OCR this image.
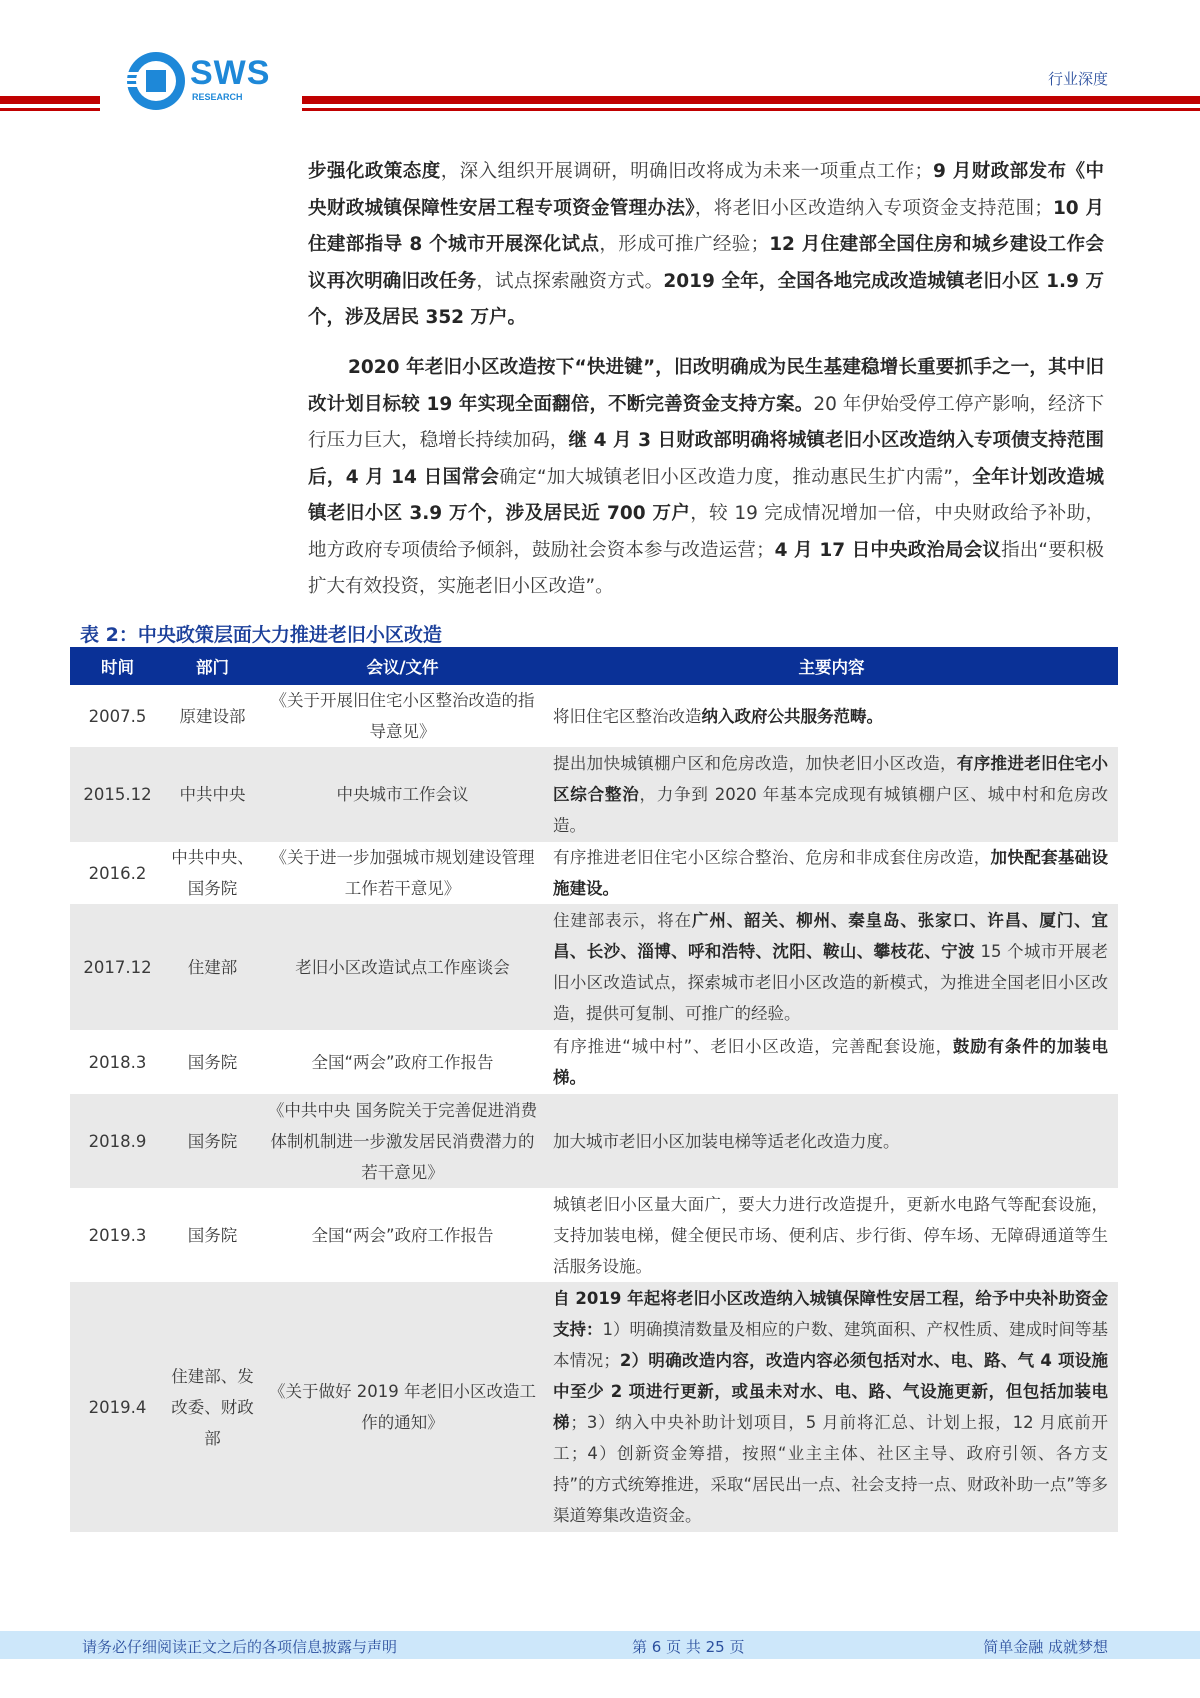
SWS
RESEARCH
行业深度
步强化政策态度，深入组织开展调研，明确旧改将成为未来一项重点工作；9 月财政部发布《中央财政城镇保障性安居工程专项资金管理办法》，将老旧小区改造纳入专项资金支持范围；10 月住建部指导 8 个城市开展深化试点，形成可推广经验；12 月住建部全国住房和城乡建设工作会议再次明确旧改任务，试点探索融资方式。2019 全年，全国各地完成改造城镇老旧小区 1.9 万个，涉及居民 352 万户。
2020 年老旧小区改造按下“快进键”，旧改明确成为民生基建稳增长重要抓手之一，其中旧改计划目标较 19 年实现全面翻倍，不断完善资金支持方案。20 年伊始受停工停产影响，经济下行压力巨大，稳增长持续加码，继 4 月 3 日财政部明确将城镇老旧小区改造纳入专项债支持范围后，4 月 14 日国常会确定“加大城镇老旧小区改造力度，推动惠民生扩内需”，全年计划改造城镇老旧小区 3.9 万个，涉及居民近 700 万户，较 19 完成情况增加一倍，中央财政给予补助，地方政府专项债给予倾斜，鼓励社会资本参与改造运营；4 月 17 日中央政治局会议指出“要积极扩大有效投资，实施老旧小区改造”。
表 2：中央政策层面大力推进老旧小区改造
时间	部门	会议/文件	主要内容
2007.5	原建设部	《关于开展旧住宅小区整治改造的指导意见》	将旧住宅区整治改造纳入政府公共服务范畴。
2015.12	中共中央	中央城市工作会议	提出加快城镇棚户区和危房改造，加快老旧小区改造，有序推进老旧住宅小区综合整治，力争到 2020 年基本完成现有城镇棚户区、城中村和危房改造。
2016.2	中共中央、国务院	《关于进一步加强城市规划建设管理工作若干意见》	有序推进老旧住宅小区综合整治、危房和非成套住房改造，加快配套基础设施建设。
2017.12	住建部	老旧小区改造试点工作座谈会	住建部表示，将在广州、韶关、柳州、秦皇岛、张家口、许昌、厦门、宜昌、长沙、淄博、呼和浩特、沈阳、鞍山、攀枝花、宁波 15 个城市开展老旧小区改造试点，探索城市老旧小区改造的新模式，为推进全国老旧小区改造，提供可复制、可推广的经验。
2018.3	国务院	全国“两会”政府工作报告	有序推进“城中村”、老旧小区改造，完善配套设施，鼓励有条件的加装电梯。
2018.9	国务院	《中共中央 国务院关于完善促进消费体制机制进一步激发居民消费潜力的若干意见》	加大城市老旧小区加装电梯等适老化改造力度。
2019.3	国务院	全国“两会”政府工作报告	城镇老旧小区量大面广，要大力进行改造提升，更新水电路气等配套设施，支持加装电梯，健全便民市场、便利店、步行街、停车场、无障碍通道等生活服务设施。
2019.4	住建部、发改委、财政部	《关于做好 2019 年老旧小区改造工作的通知》	自 2019 年起将老旧小区改造纳入城镇保障性安居工程，给予中央补助资金支持：1）明确摸清数量及相应的户数、建筑面积、产权性质、建成时间等基本情况；2）明确改造内容，改造内容必须包括对水、电、路、气 4 项设施中至少 2 项进行更新，或虽未对水、电、路、气设施更新，但包括加装电梯；3）纳入中央补助计划项目，5 月前将汇总、计划上报，12 月底前开工；4）创新资金筹措，按照“业主主体、社区主导、政府引领、各方支持”的方式统筹推进，采取“居民出一点、社会支持一点、财政补助一点”等多渠道筹集改造资金。
请务必仔细阅读正文之后的各项信息披露与声明	第 6 页 共 25 页	简单金融 成就梦想
